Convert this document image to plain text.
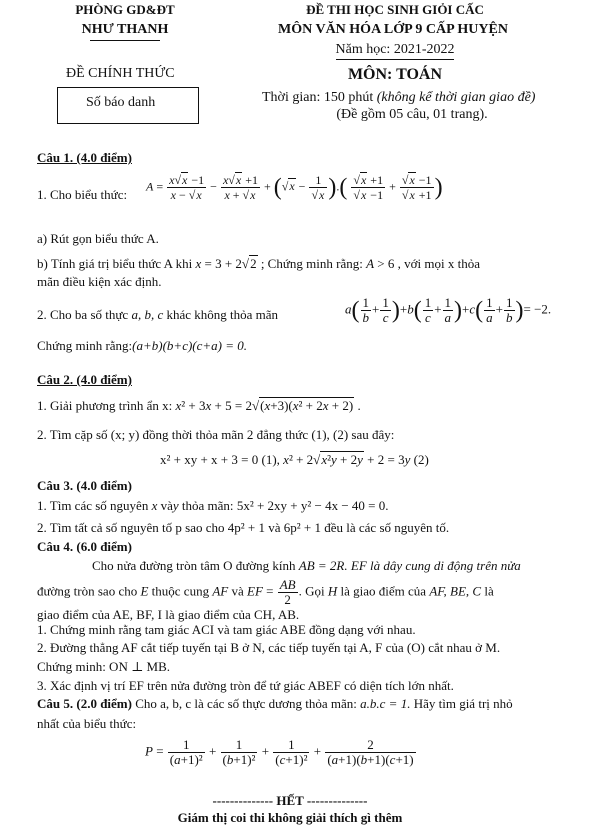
PHÒNG GD&ĐT
NHƯ THANH
ĐỀ THI HỌC SINH GIỎI CẤC
MÔN VĂN HÓA LỚP 9 CẤP HUYỆN
Năm học: 2021-2022
ĐỀ CHÍNH THỨC	MÔN: TOÁN
Số báo danh	Thời gian: 150 phút (không kể thời gian giao đề)
(Đề gồm 05 câu, 01 trang).
Câu 1. (4.0 điểm)
1. Cho biểu thức:
$A = \frac{x√x -1}{x - √x} - \frac{x√x +1}{x + √x} + (√x - \frac{1}{√x}$ ).( $\frac{√x +1}{√x -1} + \frac{√x -1}{√x +1}$ )
a) Rút gọn biểu thức A.
b) Tính giá trị biểu thức A khi x = 3 + 2√2 ; Chứng minh rằng: A > 6 , với mọi x thỏa
mãn điều kiện xác định.
2. Cho ba số thực a, b, c khác không thỏa mãn	$a( \frac{1}{b} + \frac{1}{c} )+b( \frac{1}{c} + \frac{1}{a} )+c( \frac{1}{a} + \frac{1}{b}$ )= −2.
Chứng minh rằng:(a+b)(b+c)(c+a) = 0.
Câu 2. (4.0 điểm)
1. Giải phương trình ẩn x: x² + 3x + 5 = 2√(x+3)(x² + 2x + 2) .
2. Tìm cặp số (x; y) đồng thời thỏa mãn 2 đẳng thức (1), (2) sau đây:
x² + xy + x + 3 = 0 (1), x² + 2√x²y + 2y + 2 = 3y (2)
Câu 3. (4.0 điểm)
1. Tìm các số nguyên x vày thỏa mãn: 5x² + 2xy + y² − 4x − 40 = 0.
2. Tìm tất cả số nguyên tố p sao cho 4p² + 1 và 6p² + 1 đều là các số nguyên tố.
Câu 4. (6.0 điểm)
Cho nửa đường tròn tâm O đường kính AB = 2R. EF là dây cung di động trên nửa
đường tròn sao cho E thuộc cung AF và EF = $\frac{AB}{2}$ . Gọi H là giao điểm của AF, BE, C là
giao điểm của AE, BF, I là giao điểm của CH, AB.
1. Chứng minh rằng tam giác ACI và tam giác ABE đồng dạng với nhau.
2. Đường thẳng AF cắt tiếp tuyến tại B ở N, các tiếp tuyến tại A, F của (O) cắt nhau ở M.
Chứng minh: ON ⊥ MB.
3. Xác định vị trí EF trên nửa đường tròn để tứ giác ABEF có diện tích lớn nhất.
Câu 5. (2.0 điểm) Cho a, b, c là các số thực dương thỏa mãn: a.b.c = 1. Hãy tìm giá trị nhỏ
nhất của biểu thức:
$P = \frac{1}{\text{(a+1)²}} + \frac{1}{\text{(b+1)²}} + \frac{1}{\text{(c+1)²}} + \frac{2}{(a+1)(b+1)(c+1)}$
-------------- HẾT --------------
Giám thị coi thi không giải thích gì thêm
